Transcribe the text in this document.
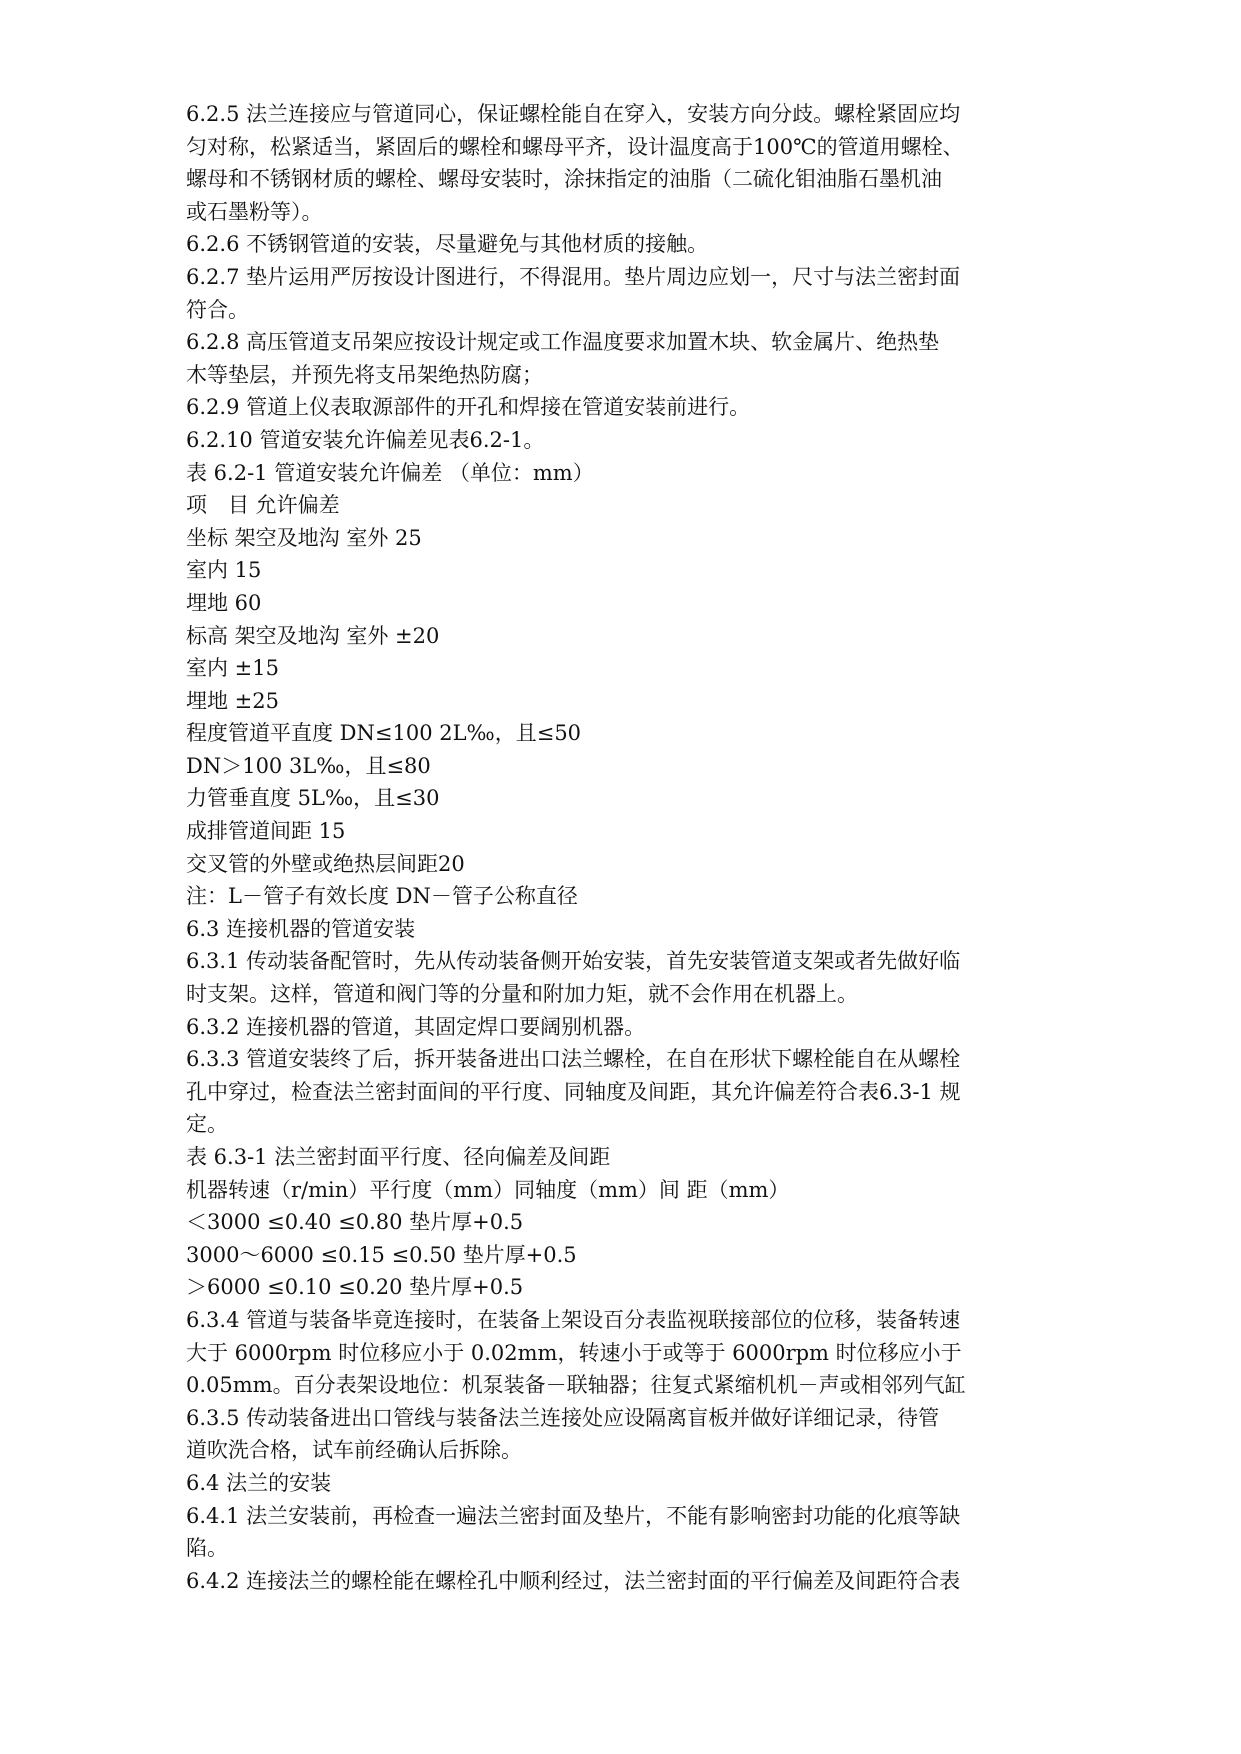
6.2.5 法兰连接应与管道同心，保证螺栓能自在穿入，安装方向分歧。螺栓紧固应均
匀对称，松紧适当，紧固后的螺栓和螺母平齐，设计温度高于100℃的管道用螺栓、
螺母和不锈钢材质的螺栓、螺母安装时，涂抹指定的油脂（二硫化钼油脂石墨机油
或石墨粉等）。
6.2.6 不锈钢管道的安装，尽量避免与其他材质的接触。
6.2.7 垫片运用严厉按设计图进行，不得混用。垫片周边应划一，尺寸与法兰密封面
符合。
6.2.8 高压管道支吊架应按设计规定或工作温度要求加置木块、软金属片、绝热垫
木等垫层，并预先将支吊架绝热防腐；
6.2.9 管道上仪表取源部件的开孔和焊接在管道安装前进行。
6.2.10 管道安装允许偏差见表6.2-1。
表 6.2-1 管道安装允许偏差 （单位：mm）
项　目 允许偏差
坐标 架空及地沟 室外 25
室内 15
埋地 60
标高 架空及地沟 室外 ±20
室内 ±15
埋地 ±25
程度管道平直度 DN≤100 2L‰，且≤50
DN＞100 3L‰，且≤80
力管垂直度 5L‰，且≤30
成排管道间距 15
交叉管的外壁或绝热层间距20
注：L－管子有效长度 DN－管子公称直径
6.3 连接机器的管道安装
6.3.1 传动装备配管时，先从传动装备侧开始安装，首先安装管道支架或者先做好临
时支架。这样，管道和阀门等的分量和附加力矩，就不会作用在机器上。
6.3.2 连接机器的管道，其固定焊口要阔别机器。
6.3.3 管道安装终了后，拆开装备进出口法兰螺栓，在自在形状下螺栓能自在从螺栓
孔中穿过，检查法兰密封面间的平行度、同轴度及间距，其允许偏差符合表6.3-1 规
定。
表 6.3-1 法兰密封面平行度、径向偏差及间距
机器转速（r/min）平行度（mm）同轴度（mm）间 距（mm）
＜3000 ≤0.40 ≤0.80 垫片厚+0.5
3000～6000 ≤0.15 ≤0.50 垫片厚+0.5
＞6000 ≤0.10 ≤0.20 垫片厚+0.5
6.3.4 管道与装备毕竟连接时，在装备上架设百分表监视联接部位的位移，装备转速
大于 6000rpm 时位移应小于 0.02mm，转速小于或等于 6000rpm 时位移应小于
0.05mm。百分表架设地位：机泵装备－联轴器；往复式紧缩机机－声或相邻列气缸
6.3.5 传动装备进出口管线与装备法兰连接处应设隔离盲板并做好详细记录，待管
道吹洗合格，试车前经确认后拆除。
6.4 法兰的安装
6.4.1 法兰安装前，再检查一遍法兰密封面及垫片，不能有影响密封功能的化痕等缺
陷。
6.4.2 连接法兰的螺栓能在螺栓孔中顺利经过，法兰密封面的平行偏差及间距符合表
